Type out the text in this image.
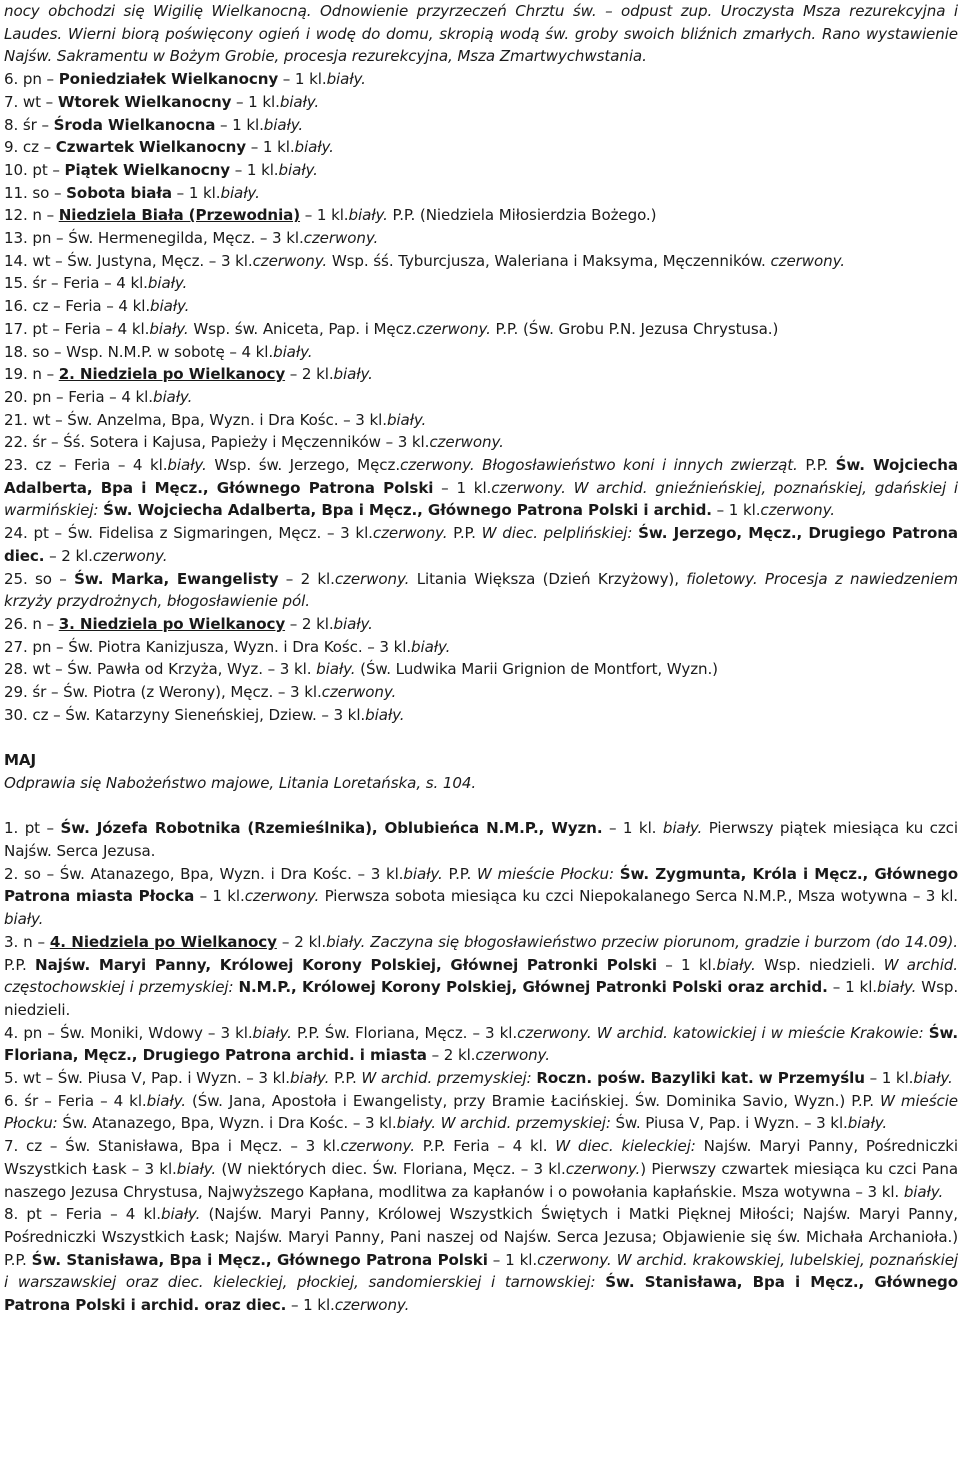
nocy obchodzi się Wigilię Wielkanocną. Odnowienie przyrzeczeń Chrztu św. – odpust zup. Uroczysta Msza rezurekcyjna i Laudes. Wierni biorą poświęcony ogień i wodę do domu, skropią wodą św. groby swoich bliźnich zmarłych. Rano wystawienie Najśw. Sakramentu w Bożym Grobie, procesja rezurekcyjna, Msza Zmartwychwstania.

6. pn – Poniedziałek Wielkanocny – 1 kl.biały.

7. wt – Wtorek Wielkanocny – 1 kl.biały.

8. śr – Środa Wielkanocna – 1 kl.biały.

9. cz – Czwartek Wielkanocny – 1 kl.biały.

10. pt – Piątek Wielkanocny – 1 kl.biały.

11. so – Sobota biała – 1 kl.biały.

12. n – Niedziela Biała (Przewodnia) – 1 kl.biały. P.P. (Niedziela Miłosierdzia Bożego.)

13. pn – Św. Hermenegilda, Męcz. – 3 kl.czerwony.

14. wt – Św. Justyna, Męcz. – 3 kl.czerwony. Wsp. śś. Tyburcjusza, Waleriana i Maksyma, Męczenników. czerwony.

15. śr – Feria – 4 kl.biały.

16. cz – Feria – 4 kl.biały.

17. pt – Feria – 4 kl.biały. Wsp. św. Aniceta, Pap. i Męcz.czerwony. P.P. (Św. Grobu P.N. Jezusa Chrystusa.)

18. so – Wsp. N.M.P. w sobotę – 4 kl.biały.

19. n – 2. Niedziela po Wielkanocy – 2 kl.biały.

20. pn – Feria – 4 kl.biały.

21. wt – Św. Anzelma, Bpa, Wyzn. i Dra Kośc. – 3 kl.biały.

22. śr – Śś. Sotera i Kajusa, Papieży i Męczenników – 3 kl.czerwony.

23. cz – Feria – 4 kl.biały. Wsp. św. Jerzego, Męcz.czerwony. Błogosławieństwo koni i innych zwierząt. P.P. Św. Wojciecha Adalberta, Bpa i Męcz., Głównego Patrona Polski – 1 kl.czerwony. W archid. gnieźnieńskiej, poznańskiej, gdańskiej i warmińskiej: Św. Wojciecha Adalberta, Bpa i Męcz., Głównego Patrona Polski i archid. – 1 kl.czerwony.

24. pt – Św. Fidelisa z Sigmaringen, Męcz. – 3 kl.czerwony. P.P. W diec. pelplińskiej: Św. Jerzego, Męcz., Drugiego Patrona diec. – 2 kl.czerwony.

25. so – Św. Marka, Ewangelisty – 2 kl.czerwony. Litania Większa (Dzień Krzyżowy), fioletowy. Procesja z nawiedzeniem krzyży przydrożnych, błogosławienie pól.

26. n – 3. Niedziela po Wielkanocy – 2 kl.biały.

27. pn – Św. Piotra Kanizjusza, Wyzn. i Dra Kośc. – 3 kl.biały.

28. wt – Św. Pawła od Krzyża, Wyz. – 3 kl. biały. (Św. Ludwika Marii Grignion de Montfort, Wyzn.)

29. śr – Św. Piotra (z Werony), Męcz. – 3 kl.czerwony.

30. cz – Św. Katarzyny Sieneńskiej, Dziew. – 3 kl.biały.

MAJ

Odprawia się Nabożeństwo majowe, Litania Loretańska, s. 104.

1. pt – Św. Józefa Robotnika (Rzemieślnika), Oblubieńca N.M.P., Wyzn. – 1 kl. biały. Pierwszy piątek miesiąca ku czci Najśw. Serca Jezusa.

2. so – Św. Atanazego, Bpa, Wyzn. i Dra Kośc. – 3 kl.biały. P.P. W mieście Płocku: Św. Zygmunta, Króla i Męcz., Głównego Patrona miasta Płocka – 1 kl.czerwony. Pierwsza sobota miesiąca ku czci Niepokalanego Serca N.M.P., Msza wotywna – 3 kl. biały.

3. n – 4. Niedziela po Wielkanocy – 2 kl.biały. Zaczyna się błogosławieństwo przeciw piorunom, gradzie i burzom (do 14.09). P.P. Najśw. Maryi Panny, Królowej Korony Polskiej, Głównej Patronki Polski – 1 kl.biały. Wsp. niedzieli. W archid. częstochowskiej i przemyskiej: N.M.P., Królowej Korony Polskiej, Głównej Patronki Polski oraz archid. – 1 kl.biały. Wsp. niedzieli.

4. pn – Św. Moniki, Wdowy – 3 kl.biały. P.P. Św. Floriana, Męcz. – 3 kl.czerwony. W archid. katowickiej i w mieście Krakowie: Św. Floriana, Męcz., Drugiego Patrona archid. i miasta – 2 kl.czerwony.

5. wt – Św. Piusa V, Pap. i Wyzn. – 3 kl.biały. P.P. W archid. przemyskiej: Roczn. pośw. Bazyliki kat. w Przemyślu – 1 kl.biały.

6. śr – Feria – 4 kl.biały. (Św. Jana, Apostoła i Ewangelisty, przy Bramie Łacińskiej. Św. Dominika Savio, Wyzn.) P.P. W mieście Płocku: Św. Atanazego, Bpa, Wyzn. i Dra Kośc. – 3 kl.biały. W archid. przemyskiej: Św. Piusa V, Pap. i Wyzn. – 3 kl.biały.

7. cz – Św. Stanisława, Bpa i Męcz. – 3 kl.czerwony. P.P. Feria – 4 kl. W diec. kieleckiej: Najśw. Maryi Panny, Pośredniczki Wszystkich Łask – 3 kl.biały. (W niektórych diec. Św. Floriana, Męcz. – 3 kl.czerwony.) Pierwszy czwartek miesiąca ku czci Pana naszego Jezusa Chrystusa, Najwyższego Kapłana, modlitwa za kapłanów i o powołania kapłańskie. Msza wotywna – 3 kl. biały.

8. pt – Feria – 4 kl.biały. (Najśw. Maryi Panny, Królowej Wszystkich Świętych i Matki Pięknej Miłości; Najśw. Maryi Panny, Pośredniczki Wszystkich Łask; Najśw. Maryi Panny, Pani naszej od Najśw. Serca Jezusa; Objawienie się św. Michała Archanioła.) P.P. Św. Stanisława, Bpa i Męcz., Głównego Patrona Polski – 1 kl.czerwony. W archid. krakowskiej, lubelskiej, poznańskiej i warszawskiej oraz diec. kieleckiej, płockiej, sandomierskiej i tarnowskiej: Św. Stanisława, Bpa i Męcz., Głównego Patrona Polski i archid. oraz diec. – 1 kl.czerwony.
